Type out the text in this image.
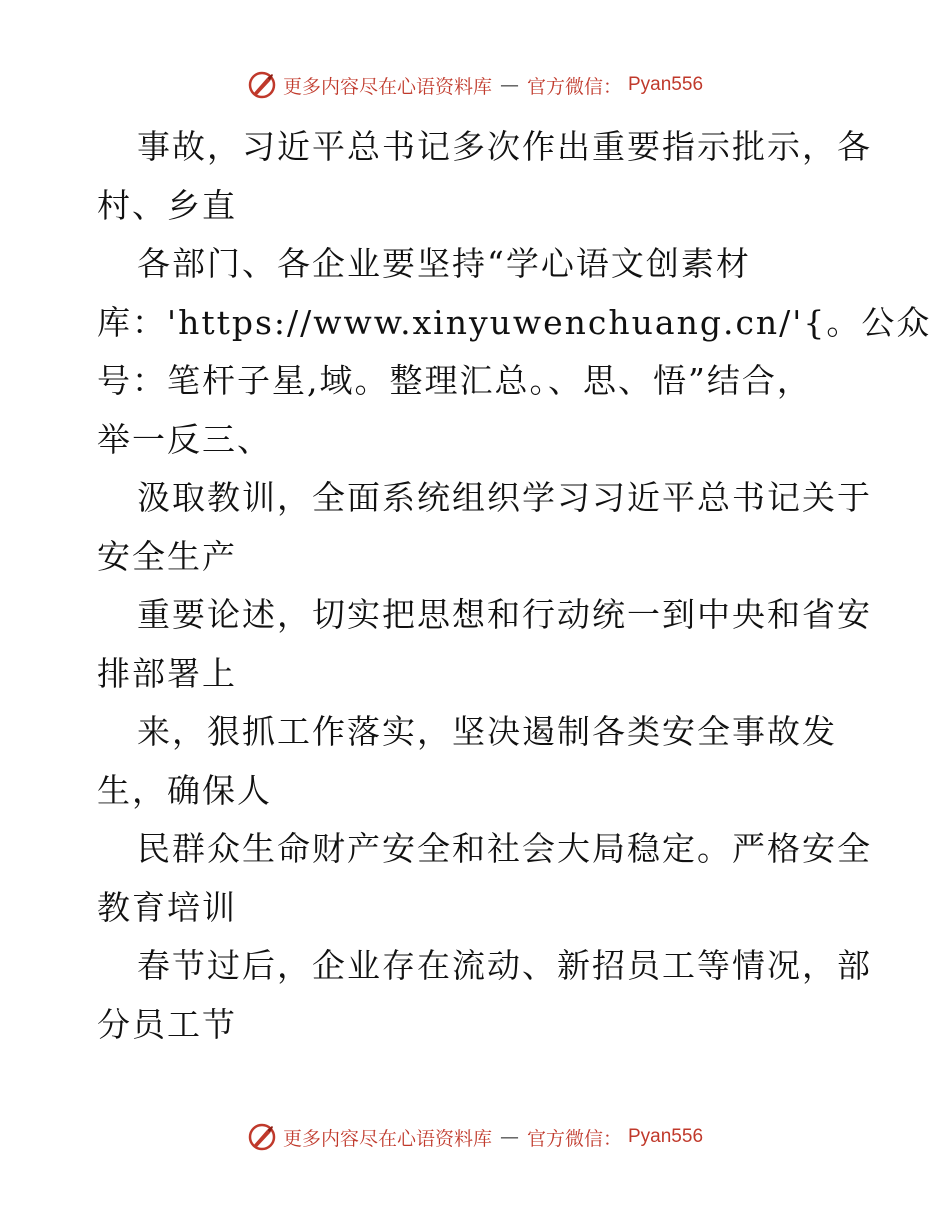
更多内容尽在心语资料库 — 官方微信： Pyan556

事故，习近平总书记多次作出重要指示批示，各

村、乡直

各部门、各企业要坚持“学心语文创素材

库：'https://www.xinyuwenchuang.cn/'{。公众

号：笔杆子星,域。整理汇总。、思、悟”结合，

举一反三、

汲取教训，全面系统组织学习习近平总书记关于

安全生产

重要论述，切实把思想和行动统一到中央和省安

排部署上

来，狠抓工作落实，坚决遏制各类安全事故发

生，确保人

民群众生命财产安全和社会大局稳定。严格安全

教育培训

春节过后，企业存在流动、新招员工等情况，部

分员工节

更多内容尽在心语资料库 — 官方微信： Pyan556
